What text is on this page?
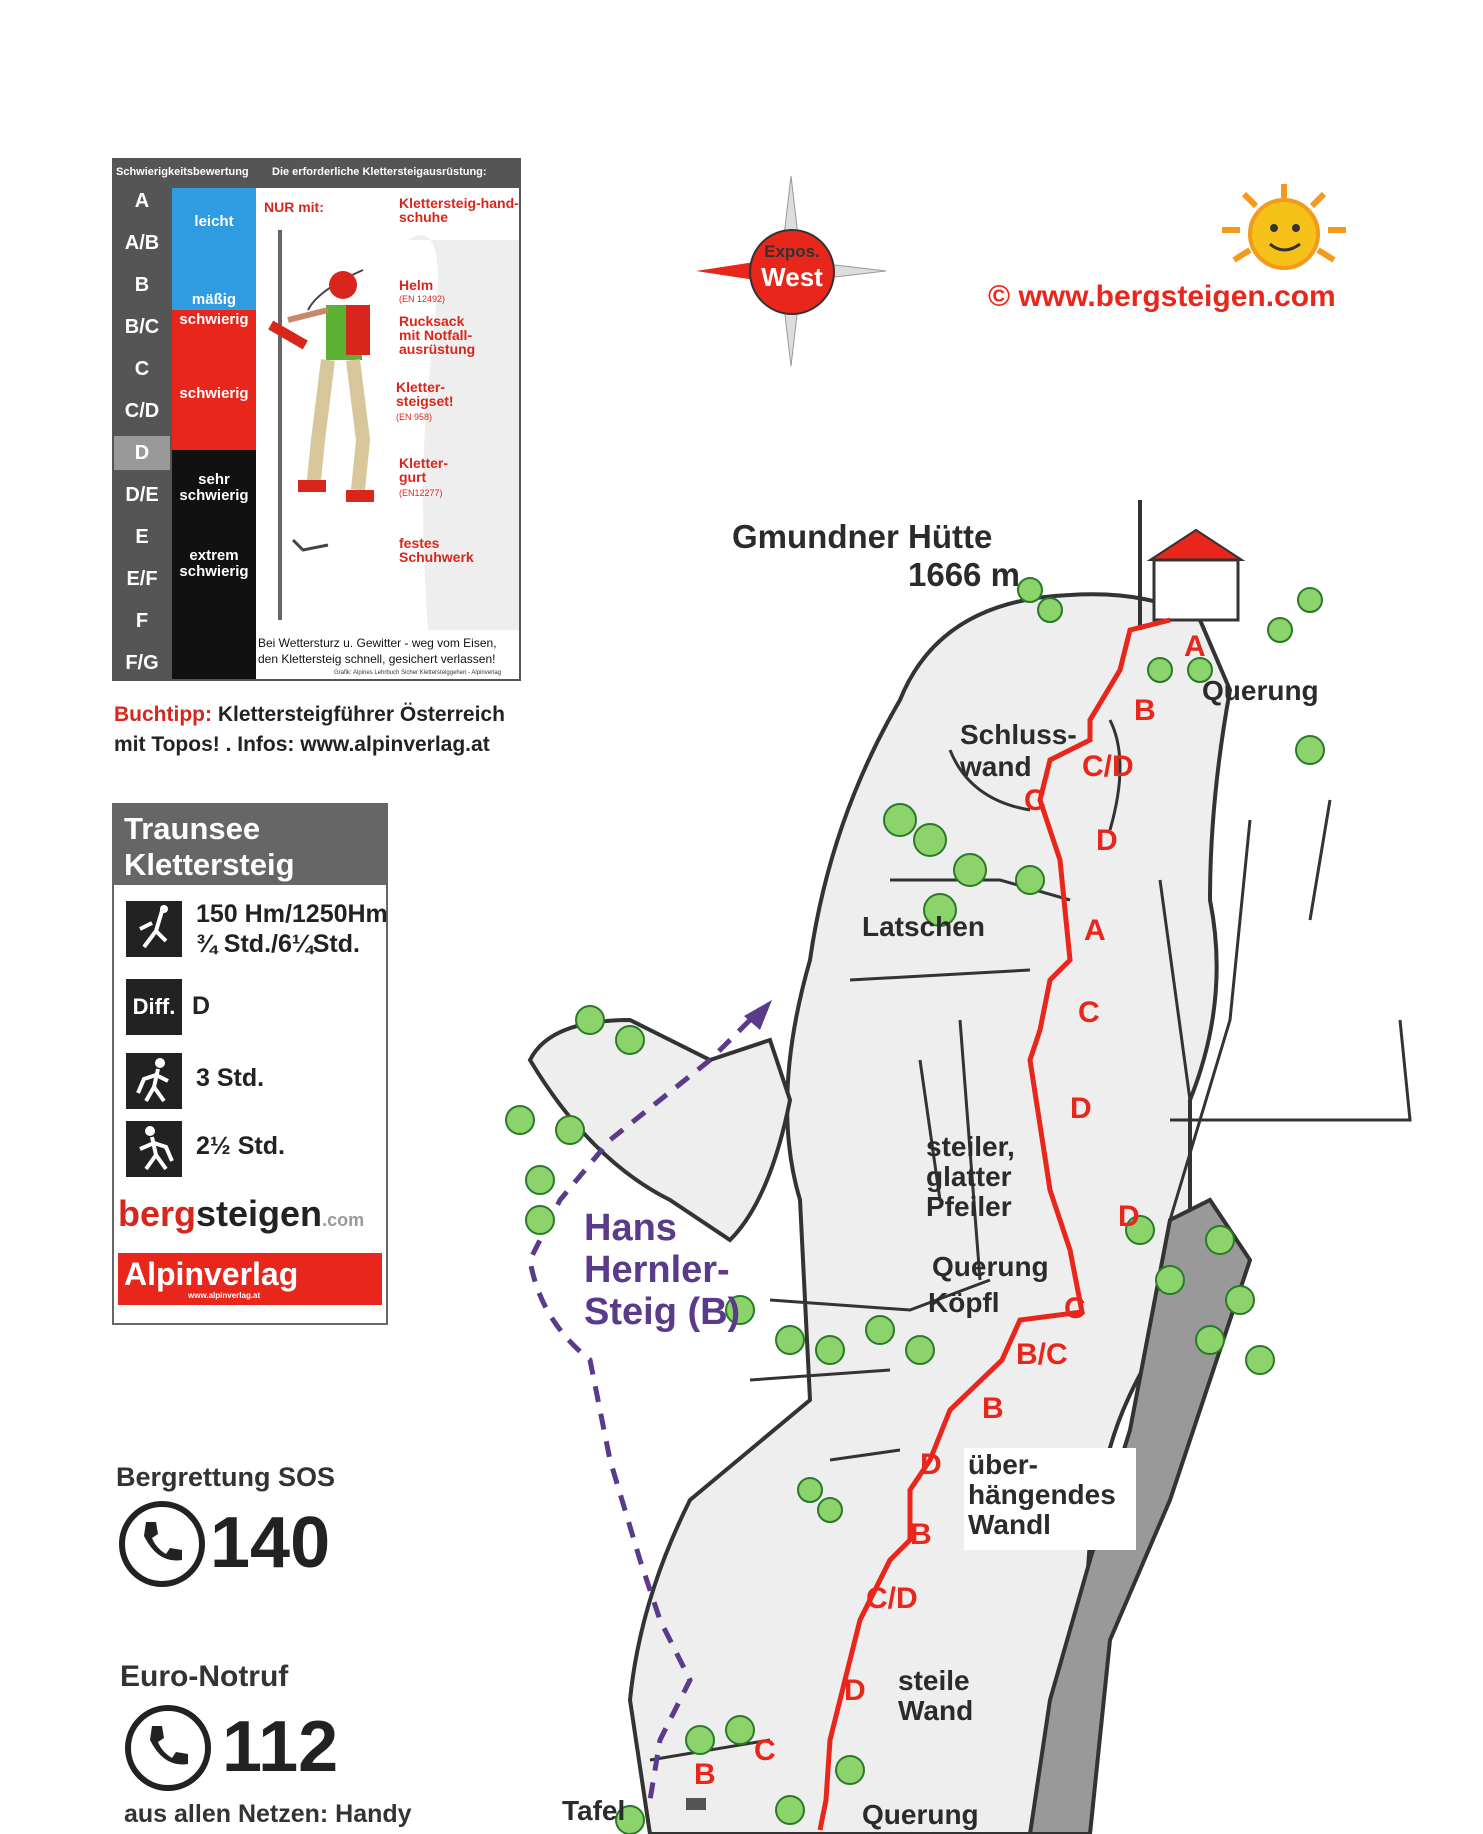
Schwierigkeitsbewertung Die erforderliche Klettersteigausrüstung:
A
A/B
B
B/C
C
C/D
D
D/E
E
E/F
F
F/G
leicht
mäßig
schwierig
schwierig
sehr schwierig
extrem schwierig
NUR mit:	Klettersteig-hand-schuhe
Helm
(EN 12492)
Rucksack mit Notfall-ausrüstung
Kletter-steigset!
(EN 958)
Kletter-gurt
(EN12277)
festes Schuhwerk
Bei Wettersturz u. Gewitter - weg vom Eisen,
den Klettersteig schnell, gesichert verlassen!
Grafik: Alpines Lehrbuch Sicher Klettersteiggehen - Alpinverlag
Buchtipp: Klettersteigführer Österreich
mit Topos! . Infos: www.alpinverlag.at
Traunsee
Klettersteig
150 Hm/1250Hm
¾ Std./6¼Std.
Diff. D
3 Std.
2½ Std.
bergsteigen.com
Alpinverlag
www.alpinverlag.at
Bergrettung SOS
140
Euro-Notruf
112
aus allen Netzen: Handy
Expos.
West
© www.bergsteigen.com
Gmundner Hütte
1666 m
Querung
Schluss-
wand
Latschen
steiler,
glatter
Pfeiler
Querung
Köpfl
über-
hängendes
Wandl
steile
Wand
Tafel	Querung
Hans
Hernler-
Steig (B)
A
B
C/D
C
D
A
C
D
D
C
B/C
B
D
B
C/D
D
C
B
